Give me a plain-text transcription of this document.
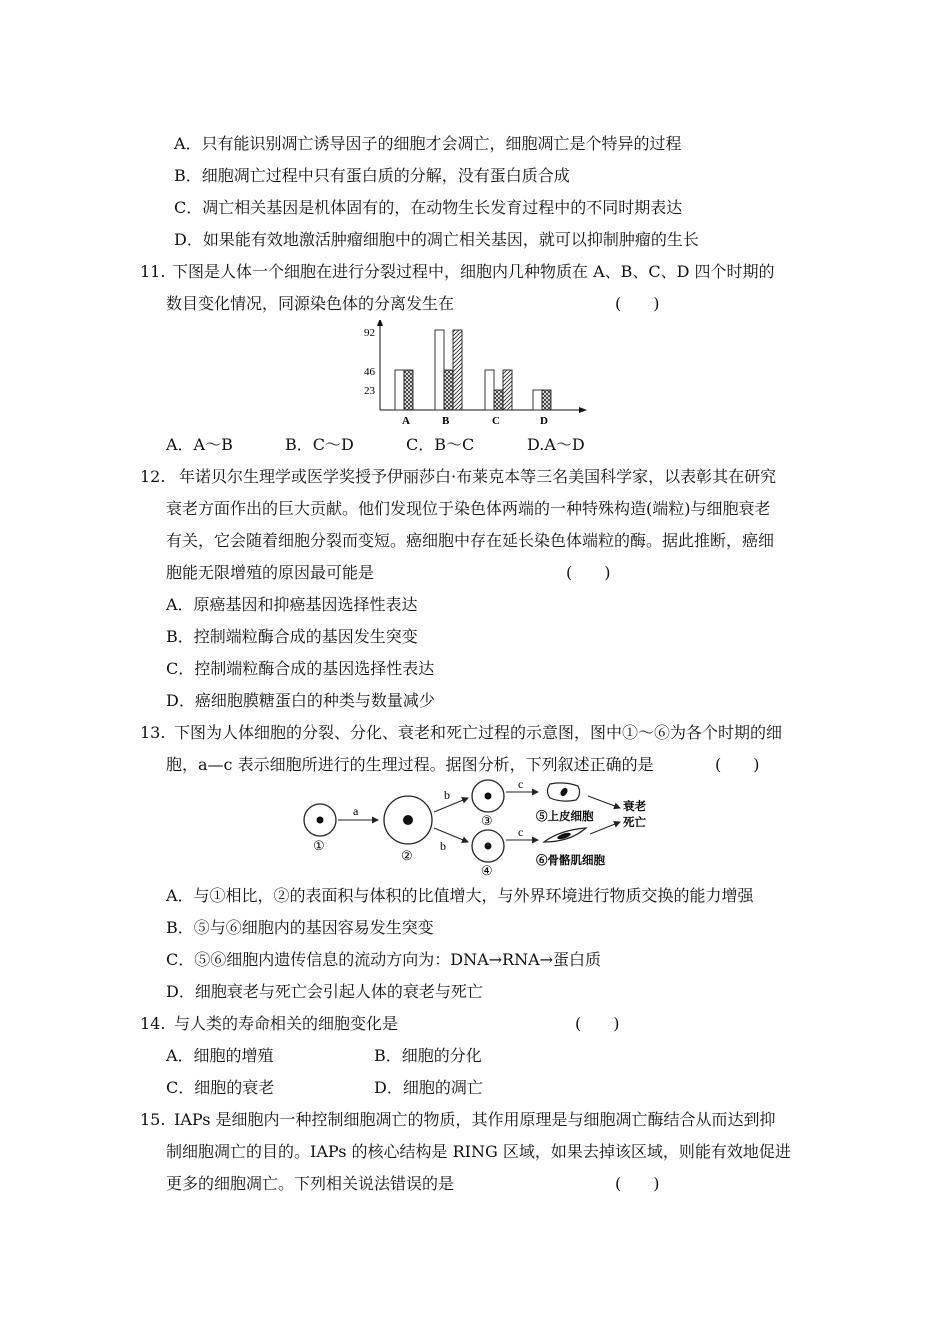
A．只有能识别凋亡诱导因子的细胞才会凋亡，细胞凋亡是个特异的过程
B．细胞凋亡过程中只有蛋白质的分解，没有蛋白质合成
C．凋亡相关基因是机体固有的，在动物生长发育过程中的不同时期表达
D．如果能有效地激活肿瘤细胞中的凋亡相关基因，就可以抑制肿瘤的生长
11. 下图是人体一个细胞在进行分裂过程中，细胞内几种物质在 A、B、C、D 四个时期的
数目变化情况，同源染色体的分离发生在	(　　)
92
46
23
A	B	C	D
A．A～B	B．C～D	C．B～C	D.A～D
12. 年诺贝尔生理学或医学奖授予伊丽莎白·布莱克本等三名美国科学家，以表彰其在研究
衰老方面作出的巨大贡献。他们发现位于染色体两端的一种特殊构造(端粒)与细胞衰老
有关，它会随着细胞分裂而变短。癌细胞中存在延长染色体端粒的酶。据此推断，癌细
胞能无限增殖的原因最可能是	(　　)
A．原癌基因和抑癌基因选择性表达
B．控制端粒酶合成的基因发生突变
C．控制端粒酶合成的基因选择性表达
D．癌细胞膜糖蛋白的种类与数量减少
13. 下图为人体细胞的分裂、分化、衰老和死亡过程的示意图，图中①～⑥为各个时期的细
胞，a—c 表示细胞所进行的生理过程。据图分析，下列叙述正确的是	(　　)
①
a
②
b
b
③
④
c
c
⑤上皮细胞
⑥骨骼肌细胞
衰老
死亡
A．与①相比，②的表面积与体积的比值增大，与外界环境进行物质交换的能力增强
B．⑤与⑥细胞内的基因容易发生突变
C．⑤⑥细胞内遗传信息的流动方向为：DNA→RNA→蛋白质
D．细胞衰老与死亡会引起人体的衰老与死亡
14. 与人类的寿命相关的细胞变化是	(　　)
A．细胞的增殖	B．细胞的分化
C．细胞的衰老	D．细胞的凋亡
15. IAPs 是细胞内一种控制细胞凋亡的物质，其作用原理是与细胞凋亡酶结合从而达到抑
制细胞凋亡的目的。IAPs 的核心结构是 RING 区域，如果去掉该区域，则能有效地促进
更多的细胞凋亡。下列相关说法错误的是	(　　)
